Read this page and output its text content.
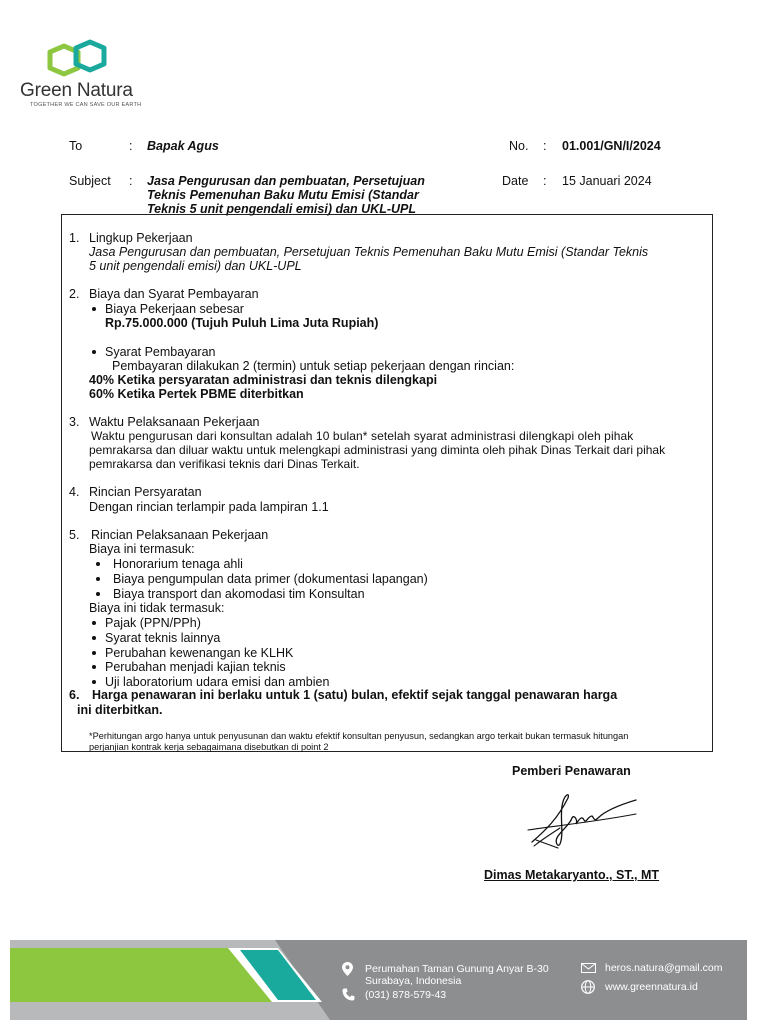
Green Natura
TOGETHER WE CAN SAVE OUR EARTH
To	: Bapak Agus
Subject : Jasa Pengurusan dan pembuatan, Persetujuan
Teknis Pemenuhan Baku Mutu Emisi (Standar
Teknis 5 unit pengendali emisi) dan UKL-UPL
No. : 01.001/GN/I/2024
Date : 15 Januari 2024
1. Lingkup Pekerjaan
Jasa Pengurusan dan pembuatan, Persetujuan Teknis Pemenuhan Baku Mutu Emisi (Standar Teknis
5 unit pengendali emisi) dan UKL-UPL
2. Biaya dan Syarat Pembayaran
Biaya Pekerjaan sebesar
Rp.75.000.000 (Tujuh Puluh Lima Juta Rupiah)
Syarat Pembayaran
Pembayaran dilakukan 2 (termin) untuk setiap pekerjaan dengan rincian:
40% Ketika persyaratan administrasi dan teknis dilengkapi
60% Ketika Pertek PBME diterbitkan
3. Waktu Pelaksanaan Pekerjaan
Waktu pengurusan dari konsultan adalah 10 bulan* setelah syarat administrasi dilengkapi oleh pihak
pemrakarsa dan diluar waktu untuk melengkapi administrasi yang diminta oleh pihak Dinas Terkait dari pihak
pemrakarsa dan verifikasi teknis dari Dinas Terkait.
4. Rincian Persyaratan
Dengan rincian terlampir pada lampiran 1.1
5. Rincian Pelaksanaan Pekerjaan
Biaya ini termasuk:
Honorarium tenaga ahli
Biaya pengumpulan data primer (dokumentasi lapangan)
Biaya transport dan akomodasi tim Konsultan
Biaya ini tidak termasuk:
Pajak (PPN/PPh)
Syarat teknis lainnya
Perubahan kewenangan ke KLHK
Perubahan menjadi kajian teknis
Uji laboratorium udara emisi dan ambien
6. Harga penawaran ini berlaku untuk 1 (satu) bulan, efektif sejak tanggal penawaran harga
ini diterbitkan.
*Perhitungan argo hanya untuk penyusunan dan waktu efektif konsultan penyusun, sedangkan argo terkait bukan termasuk hitungan
perjanjian kontrak kerja sebagaimana disebutkan di point 2
Pemberi Penawaran
Dimas Metakaryanto., ST., MT
Perumahan Taman Gunung Anyar B-30
Surabaya, Indonesia
(031) 878-579-43
heros.natura@gmail.com
www.greennatura.id
